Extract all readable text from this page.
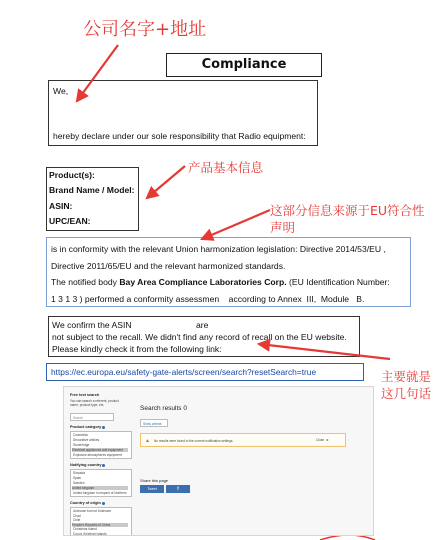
公司名字+地址
产品基本信息
这部分信息来源于EU符合性
声明
主要就是
这几句话
Compliance
We,
hereby declare under our sole responsibility that Radio equipment:
Product(s):
Brand Name / Model:
ASIN:
UPC/EAN:
is in conformity with the relevant Union harmonization legislation: Directive 2014/53/EU ,
Directive 2011/65/EU and the relevant harmonized standards.
The notified body Bay Area Compliance Laboratories Corp. (EU Identification Number:
1 3 1 3 ) performed a conformity assessmen    according to Annex  III,  Module   B.
We confirm the ASIN	are
not subject to the recall. We didn't find any record of recall on the EU website.
Please kindly check it from the following link:
https://ec.europa.eu/safety-gate-alerts/screen/search?resetSearch=true
Free text search
You can search a referent, product name, product type, etc.
Search
Product category
Cosmetics
Decorative articles
Stone/ridge
Electrical appliances and equipment
Explosive atmospheres equipment
Notifying country
Slovakia
Spain
Sweden
United kingdom
United kingdom in respect of Northern
Country of origin
Unknown but not Unknown
Chad
Chile
People's Republic of China
Christmas Island
Cocos (Keeling) Islands
Search results 0
Show criteria
▲ No results were found in the current notification settings.	Close ⊗
Share this page
Tweet	f
